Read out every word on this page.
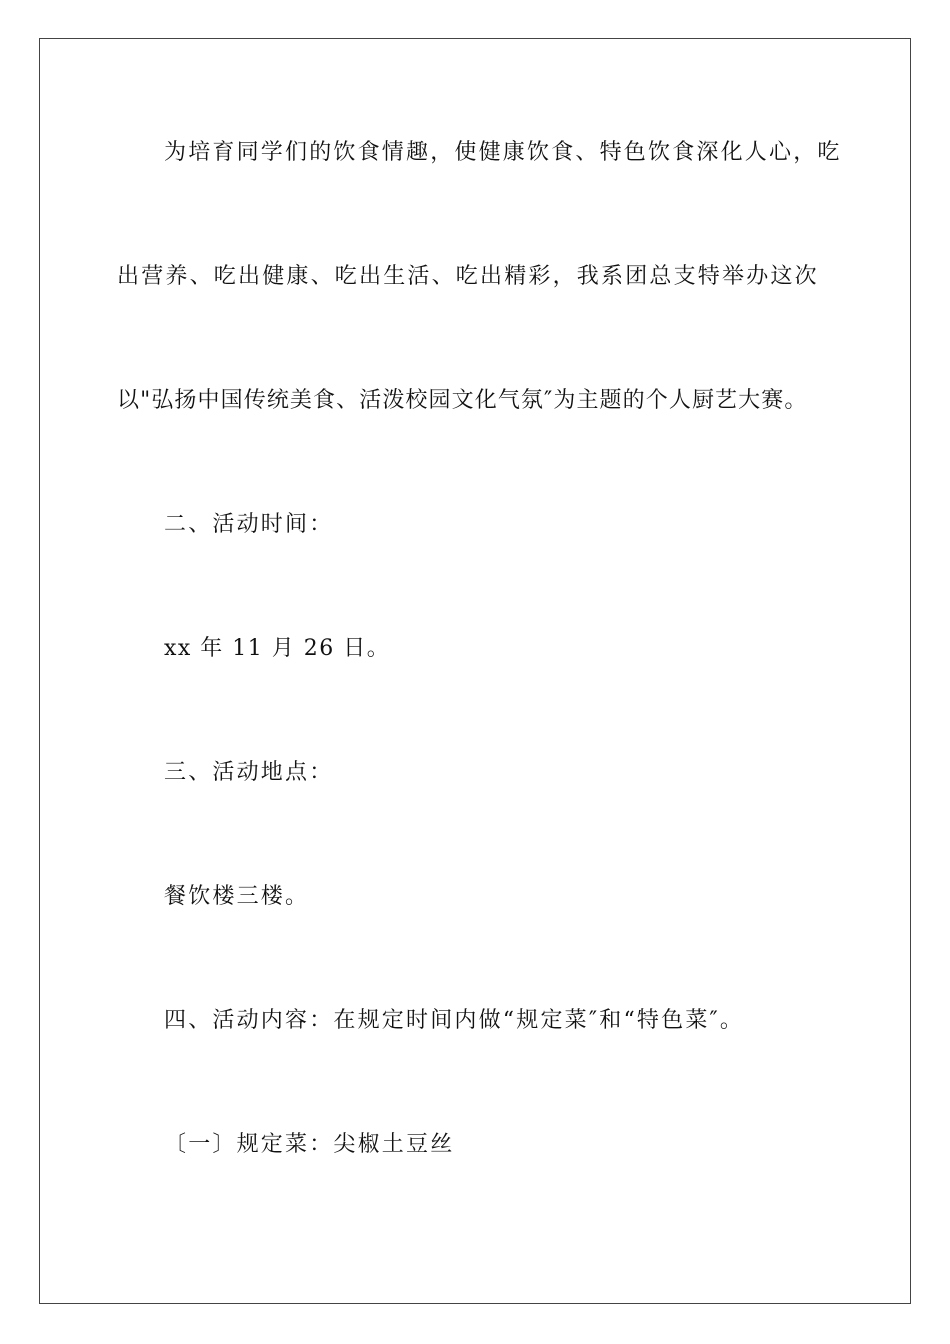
为培育同学们的饮食情趣，使健康饮食、特色饮食深化人心，吃
出营养、吃出健康、吃出生活、吃出精彩，我系团总支特举办这次
以"弘扬中国传统美食、活泼校园文化气氛″为主题的个人厨艺大赛。
二、活动时间：
xx 年 11 月 26 日。
三、活动地点：
餐饮楼三楼。
四、活动内容：在规定时间内做“规定菜″和“特色菜″。
〔一〕规定菜：尖椒土豆丝
